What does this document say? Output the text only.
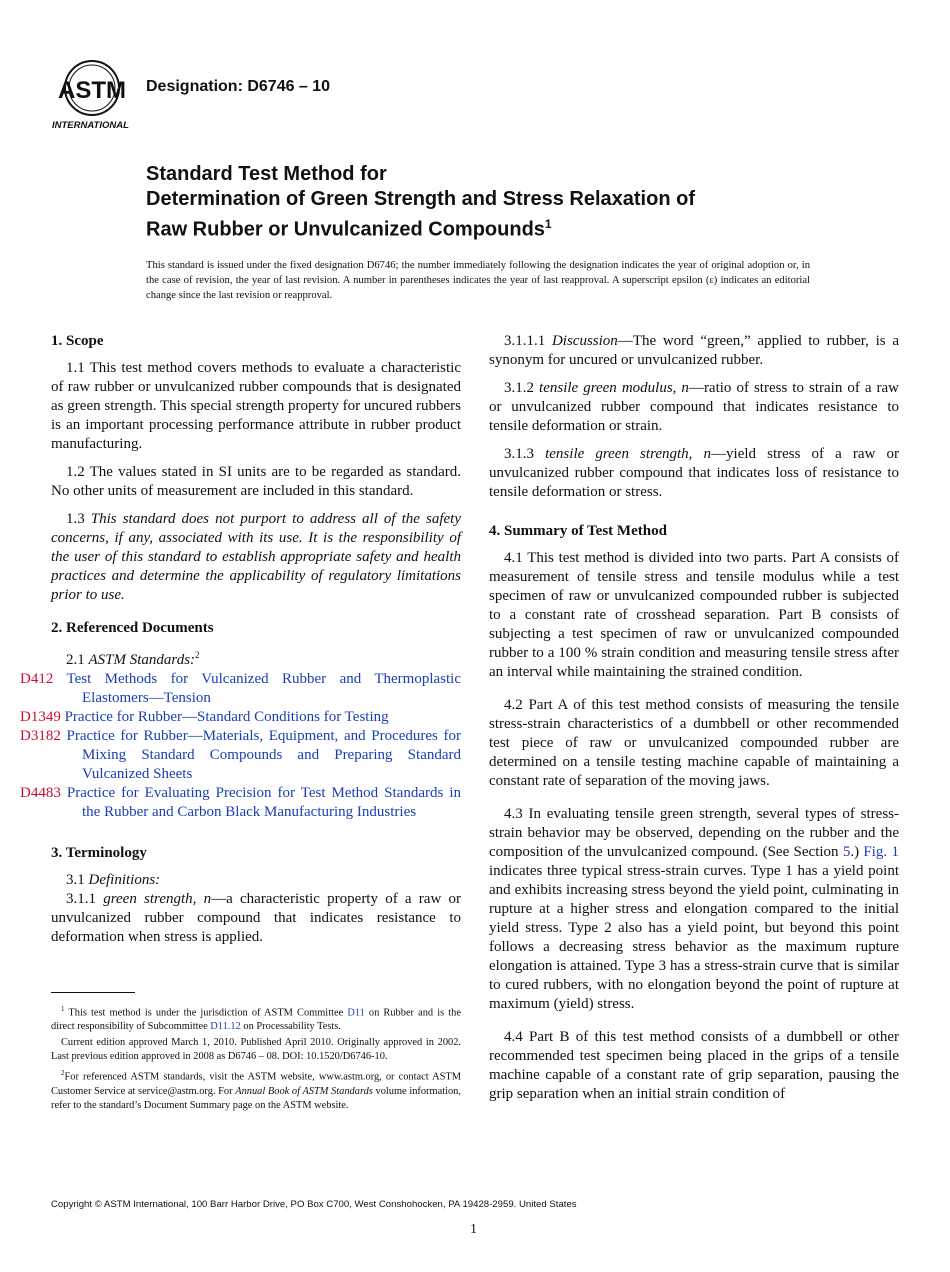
ASTM
INTERNATIONAL
Designation: D6746 – 10
Standard Test Method for
Determination of Green Strength and Stress Relaxation of
Raw Rubber or Unvulcanized Compounds$^1$
This standard is issued under the fixed designation D6746; the number immediately following the designation indicates the year of original adoption or, in the case of revision, the year of last revision. A number in parentheses indicates the year of last reapproval. A superscript epsilon (ε) indicates an editorial change since the last revision or reapproval.
1. Scope

1.1 This test method covers methods to evaluate a characteristic of raw rubber or unvulcanized rubber compounds that is designated as green strength. This special strength property for uncured rubbers is an important processing performance attribute in rubber product manufacturing.

1.2 The values stated in SI units are to be regarded as standard. No other units of measurement are included in this standard.

1.3 This standard does not purport to address all of the safety concerns, if any, associated with its use. It is the responsibility of the user of this standard to establish appropriate safety and health practices and determine the applicability of regulatory limitations prior to use.

2. Referenced Documents

2.1 ASTM Standards:$^2$

D412 Test Methods for Vulcanized Rubber and Thermoplastic Elastomers—Tension
D1349 Practice for Rubber—Standard Conditions for Testing
D3182 Practice for Rubber—Materials, Equipment, and Procedures for Mixing Standard Compounds and Preparing Standard Vulcanized Sheets
D4483 Practice for Evaluating Precision for Test Method Standards in the Rubber and Carbon Black Manufacturing Industries
3. Terminology

3.1 Definitions:

3.1.1 green strength, n—a characteristic property of a raw or unvulcanized rubber compound that indicates resistance to deformation when stress is applied.

3.1.1.1 Discussion—The word “green,” applied to rubber, is a synonym for uncured or unvulcanized rubber.

3.1.2 tensile green modulus, n—ratio of stress to strain of a raw or unvulcanized rubber compound that indicates resistance to tensile deformation or strain.

3.1.3 tensile green strength, n—yield stress of a raw or unvulcanized rubber compound that indicates loss of resistance to tensile deformation or stress.

4. Summary of Test Method

4.1 This test method is divided into two parts. Part A consists of measurement of tensile stress and tensile modulus while a test specimen of raw or unvulcanized compounded rubber is subjected to a constant rate of crosshead separation. Part B consists of subjecting a test specimen of raw or unvulcanized compounded rubber to a 100 % strain condition and measuring tensile stress after an interval while maintaining the strained condition.

4.2 Part A of this test method consists of measuring the tensile stress-strain characteristics of a dumbbell or other recommended test piece of raw or unvulcanized compounded rubber are determined on a tensile testing machine capable of maintaining a constant rate of separation of the moving jaws.

4.3 In evaluating tensile green strength, several types of stress-strain behavior may be observed, depending on the rubber and the composition of the unvulcanized compound. (See Section 5.) Fig. 1 indicates three typical stress-strain curves. Type 1 has a yield point and exhibits increasing stress beyond the yield point, culminating in rupture at a higher stress and elongation compared to the initial yield stress. Type 2 also has a yield point, but beyond this point follows a decreasing stress behavior as the maximum rupture elongation is attained. Type 3 has a stress-strain curve that is similar to cured rubbers, with no elongation beyond the point of rupture at maximum (yield) stress.

4.4 Part B of this test method consists of a dumbbell or other recommended test specimen being placed in the grips of a tensile machine capable of a constant rate of grip separation, pausing the grip separation when an initial strain condition of

$^1$ This test method is under the jurisdiction of ASTM Committee D11 on Rubber and is the direct responsibility of Subcommittee D11.12 on Processability Tests.

Current edition approved March 1, 2010. Published April 2010. Originally approved in 2002. Last previous edition approved in 2008 as D6746 – 08. DOI: 10.1520/D6746-10.

$^2$For referenced ASTM standards, visit the ASTM website, www.astm.org, or contact ASTM Customer Service at service@astm.org. For Annual Book of ASTM Standards volume information, refer to the standard’s Document Summary page on the ASTM website.

Copyright © ASTM International, 100 Barr Harbor Drive, PO Box C700, West Conshohocken, PA 19428-2959. United States
1
